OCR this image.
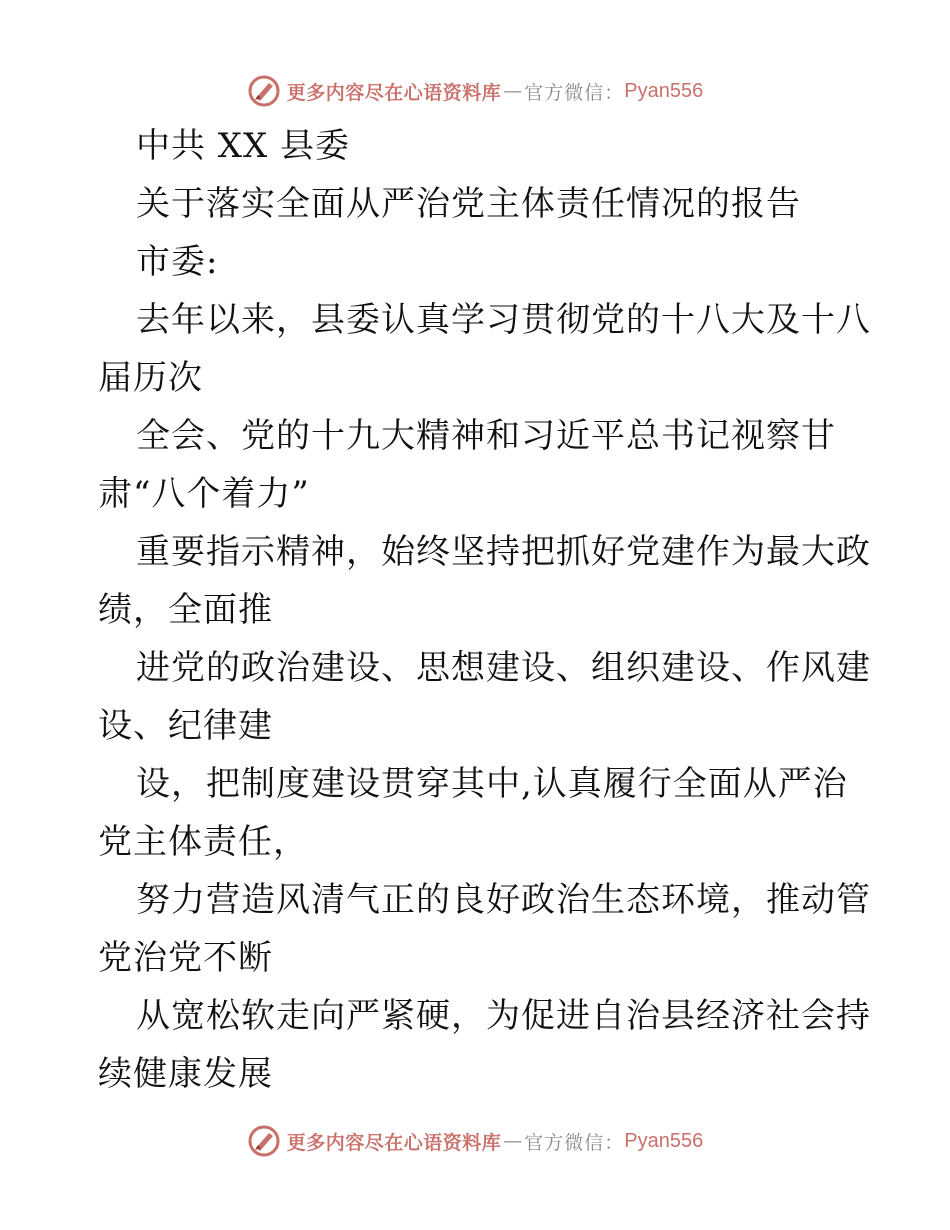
更多内容尽在心语资料库 — 官方微信： Pyan556
中共 XX 县委
关于落实全面从严治党主体责任情况的报告
市委:
去年以来，县委认真学习贯彻党的十八大及十八
届历次
全会、党的十九大精神和习近平总书记视察甘
肃“八个着力”
重要指示精神，始终坚持把抓好党建作为最大政
绩，全面推
进党的政治建设、思想建设、组织建设、作风建
设、纪律建
设，把制度建设贯穿其中,认真履行全面从严治
党主体责任，
努力营造风清气正的良好政治生态环境，推动管
党治党不断
从宽松软走向严紧硬，为促进自治县经济社会持
续健康发展
更多内容尽在心语资料库 — 官方微信： Pyan556
